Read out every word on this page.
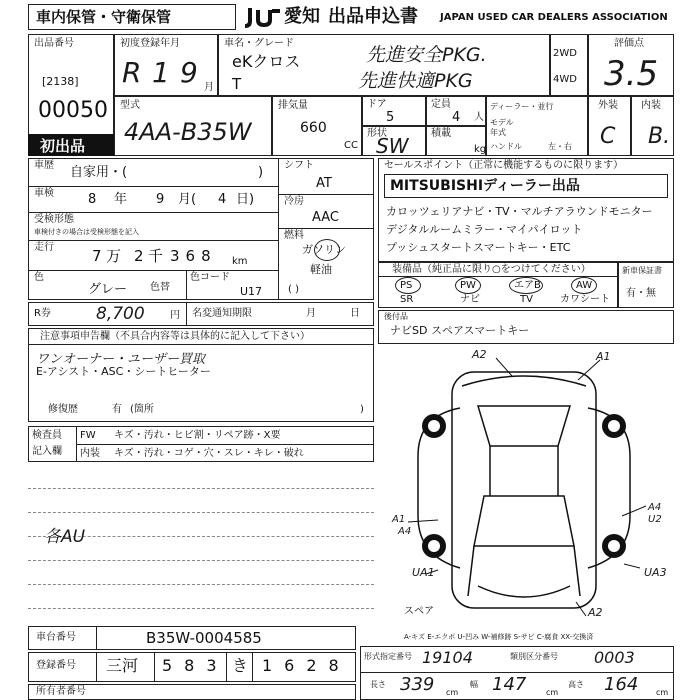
車内保管・守衛保管	愛知 出品申込書 JAPAN USED CAR DEALERS ASSOCIATION
出品番号
[2138]
00050
初出品
初度登録年月
R 1 9 月
車名・グレード
eKクロス
T
先進安全PKG.
先進快適PKG
2WD
4WD
評価点
3.5
型式
4AA-B35W
排気量
660
CC
ドア
5
定員
4 人
形状
SW
積載
kg
ディーラー・並行
モデル年式
ハンドル	左・右
外装 内装
C B.
車歴 自家用・(	)
車検	8 年 9 月( 4 日)
受検形態
車検付きの場合は受検形態を記入
走行	7 万 2 千 368 km
色
グレー 色替
色コード
U17
シフト
AT
冷房
AAC
燃料
ガソリン
軽油
( )
R券	8,700	円 名変通知期限	月	日
注意事項申告欄（不具合内容等は具体的に記入して下さい）
ワンオーナー・ユーザー買取
E-アシスト・ASC・シートヒーター
修復歴	有 (箇所	)
検査員
記入欄
FW キズ・汚れ・ヒビ割・リペア跡・X要
内装 キズ・汚れ・コゲ・穴・スレ・キレ・破れ
各AU
セールスポイント（正常に機能するものに限ります）
MITSUBISHIディーラー出品
カロッツェリアナビ・TV・マルチアラウンドモニター
デジタルルームミラー・マイパイロット
プッシュスタートスマートキー・ETC
装備品（純正品に限り○をつけてください）
PS	PW	エアB	AW
SR	ナビ	TV	カワシート
新車保証書
有・無
後付品
ナビSD スペアスマートキー
A2	A1
A1
A4
A4
U2
UA1	UA3
A2
スペア
A-キズ E-エクボ U-凹み W-補修跡 S-サビ C-腐食 XX-交換済
車台番号	B35W-0004585
登録番号 三河 583 き 1628
所有者番号
形式指定番号 19104	類別区分番号 0003
長さ 339 cm
幅 147 cm
高さ 164 cm
